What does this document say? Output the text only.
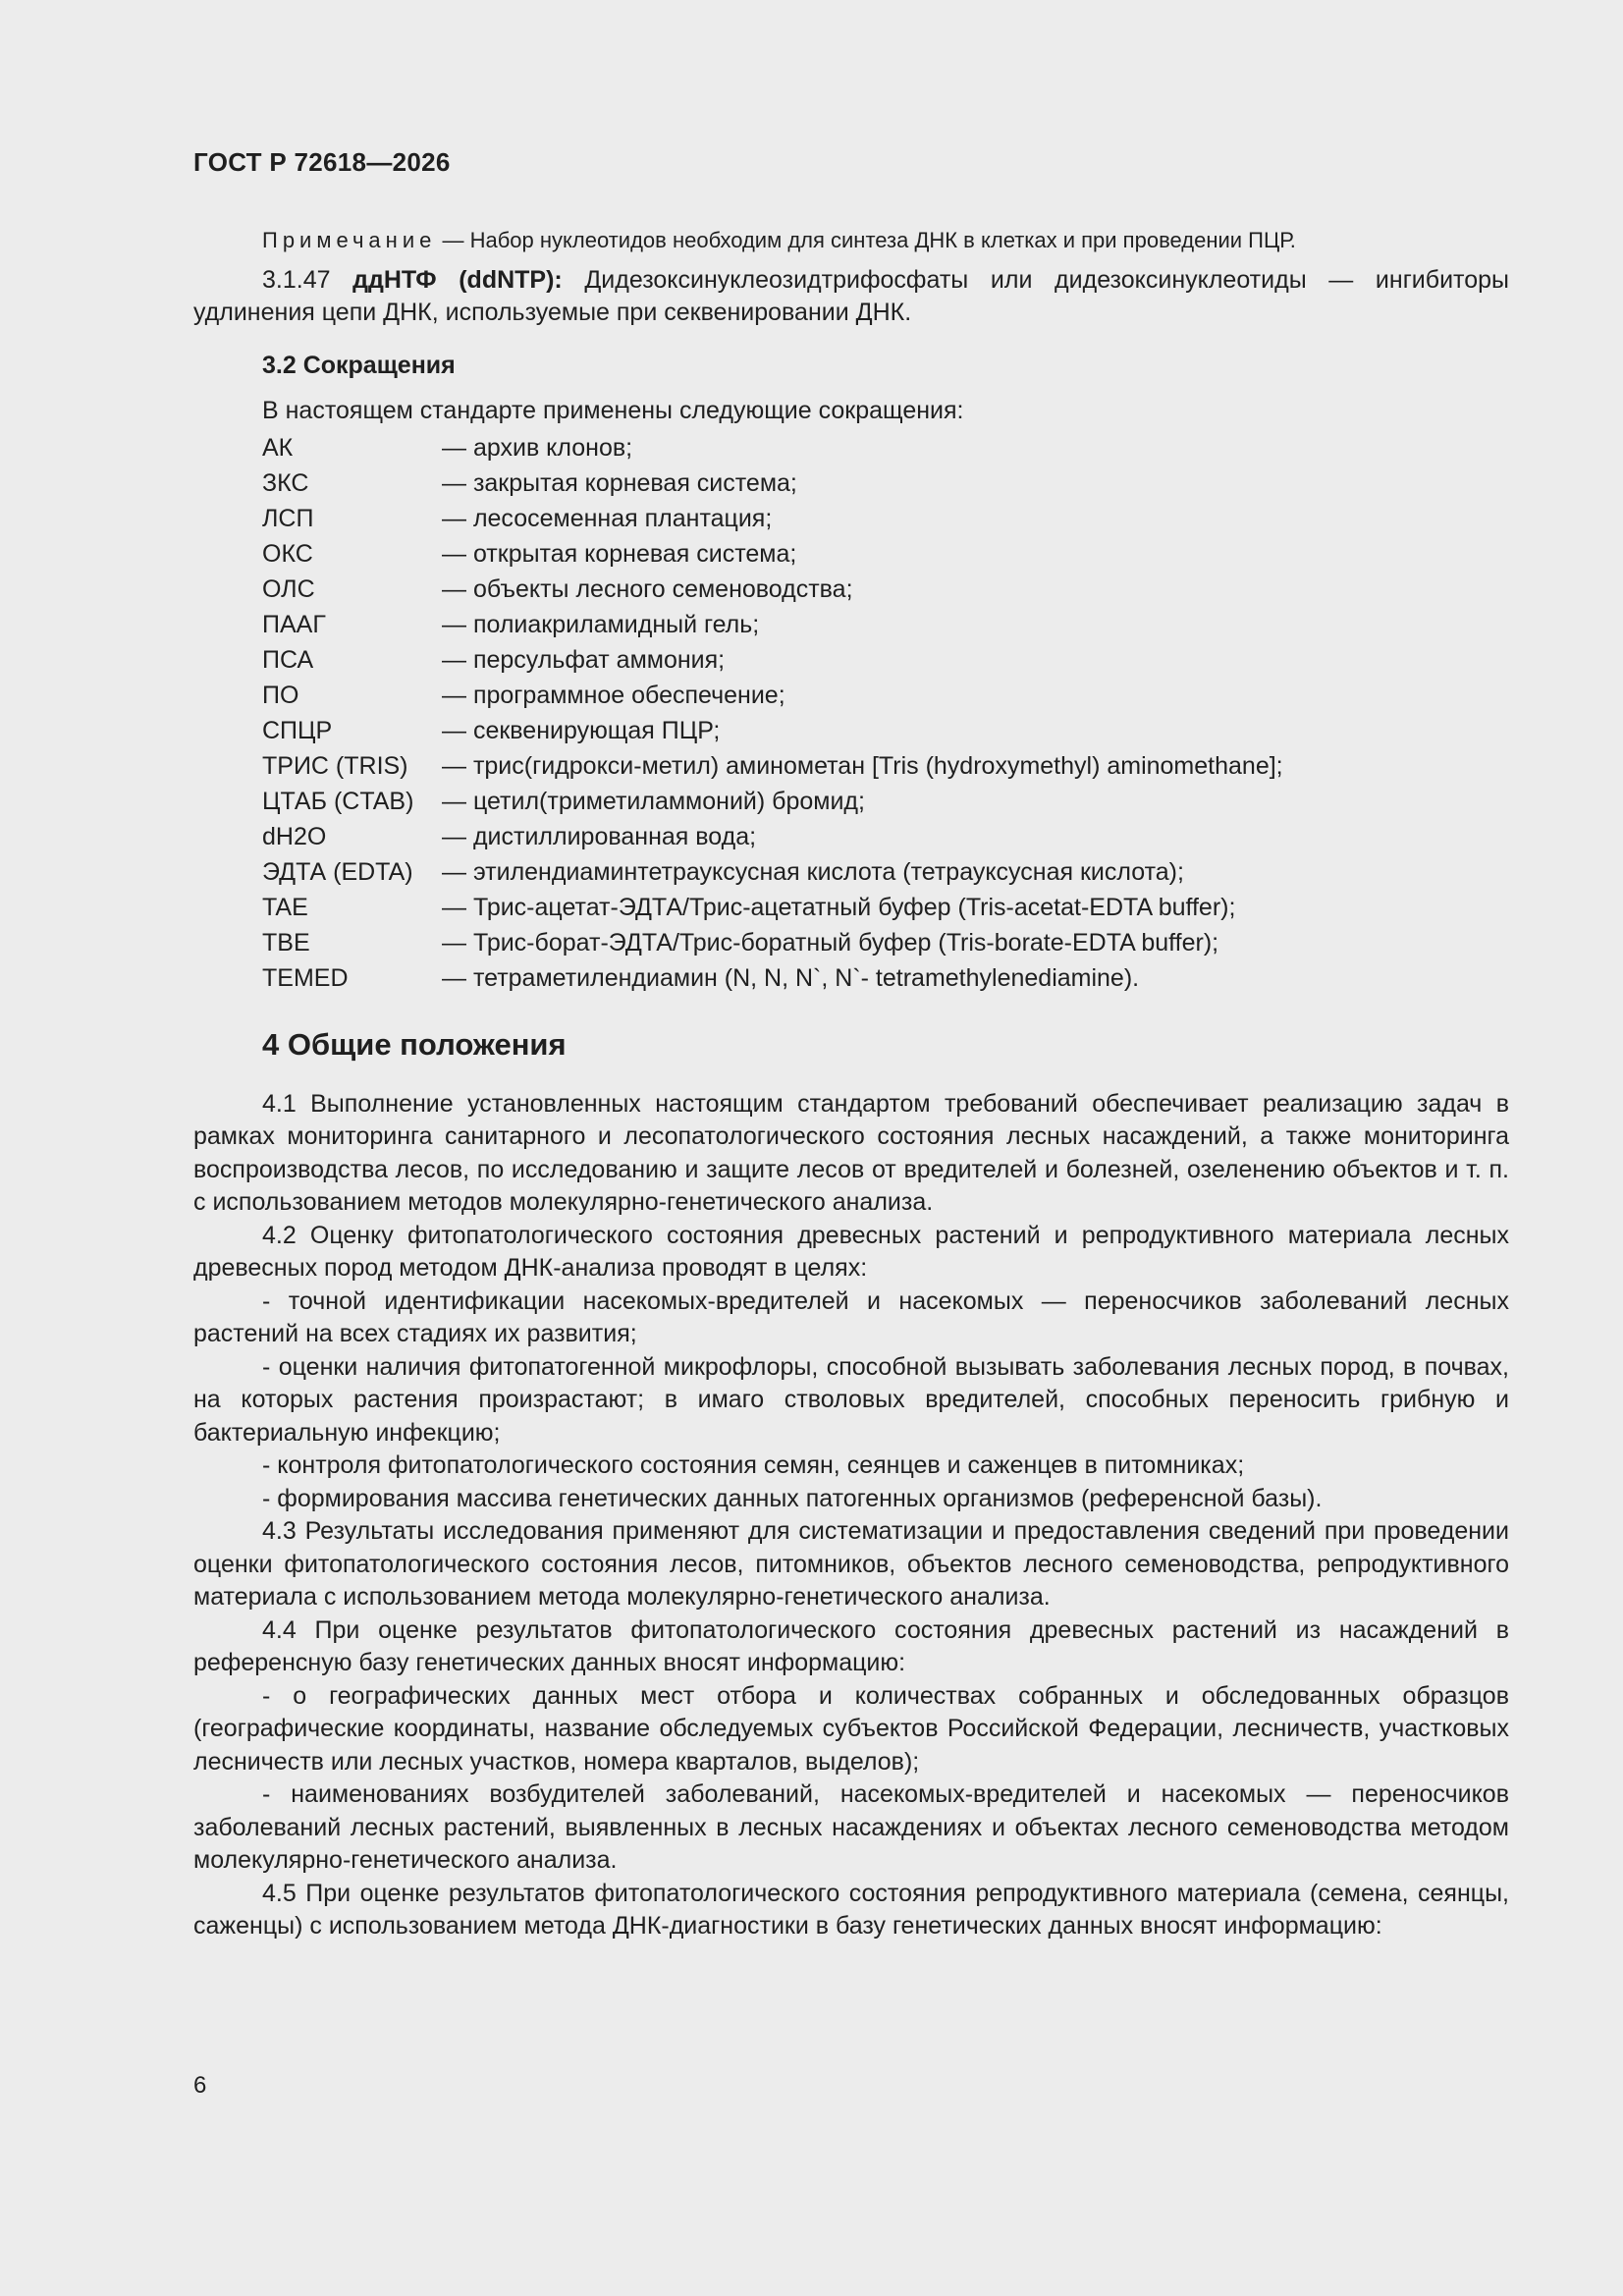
ГОСТ Р 72618—2026
Примечание — Набор нуклеотидов необходим для синтеза ДНК в клетках и при проведении ПЦР.

3.1.47 ддНТФ (ddNTP): Дидезоксинуклеозидтрифосфаты или дидезоксинуклеотиды — ингибиторы удлинения цепи ДНК, используемые при секвенировании ДНК.

3.2 Сокращения
В настоящем стандарте применены следующие сокращения:
АК	— архив клонов;
ЗКС	— закрытая корневая система;
ЛСП	— лесосеменная плантация;
ОКС	— открытая корневая система;
ОЛС	— объекты лесного семеноводства;
ПААГ	— полиакриламидный гель;
ПСА	— персульфат аммония;
ПО	— программное обеспечение;
СПЦР	— секвенирующая ПЦР;
ТРИС (TRIS)	— трис(гидрокси-метил) аминометан [Tris (hydroxymethyl) aminomethane];
ЦТАБ (CTAB)	— цетил(триметиламмоний) бромид;
dH2O	— дистиллированная вода;
ЭДТА (EDTA)	— этилендиаминтетрауксусная кислота (тетрауксусная кислота);
TAE	— Трис-ацетат-ЭДТА/Трис-ацетатный буфер (Tris-acetat-EDTA buffer);
TBE	— Трис-борат-ЭДТА/Трис-боратный буфер (Tris-borate-EDTA buffer);
TEMED	— тетраметилендиамин (N, N, N`, N`- tetramethylenediamine).
4 Общие положения

4.1 Выполнение установленных настоящим стандартом требований обеспечивает реализацию задач в рамках мониторинга санитарного и лесопатологического состояния лесных насаждений, а также мониторинга воспроизводства лесов, по исследованию и защите лесов от вредителей и болезней, озеленению объектов и т. п. с использованием методов молекулярно-генетического анализа.

4.2 Оценку фитопатологического состояния древесных растений и репродуктивного материала лесных древесных пород методом ДНК-анализа проводят в целях:

- точной идентификации насекомых-вредителей и насекомых — переносчиков заболеваний лесных растений на всех стадиях их развития;

- оценки наличия фитопатогенной микрофлоры, способной вызывать заболевания лесных пород, в почвах, на которых растения произрастают; в имаго стволовых вредителей, способных переносить грибную и бактериальную инфекцию;

- контроля фитопатологического состояния семян, сеянцев и саженцев в питомниках;

- формирования массива генетических данных патогенных организмов (референсной базы).

4.3 Результаты исследования применяют для систематизации и предоставления сведений при проведении оценки фитопатологического состояния лесов, питомников, объектов лесного семеноводства, репродуктивного материала с использованием метода молекулярно-генетического анализа.

4.4 При оценке результатов фитопатологического состояния древесных растений из насаждений в референсную базу генетических данных вносят информацию:

- о географических данных мест отбора и количествах собранных и обследованных образцов (географические координаты, название обследуемых субъектов Российской Федерации, лесничеств, участковых лесничеств или лесных участков, номера кварталов, выделов);

- наименованиях возбудителей заболеваний, насекомых-вредителей и насекомых — переносчиков заболеваний лесных растений, выявленных в лесных насаждениях и объектах лесного семеноводства методом молекулярно-генетического анализа.

4.5 При оценке результатов фитопатологического состояния репродуктивного материала (семена, сеянцы, саженцы) с использованием метода ДНК-диагностики в базу генетических данных вносят информацию:

6
